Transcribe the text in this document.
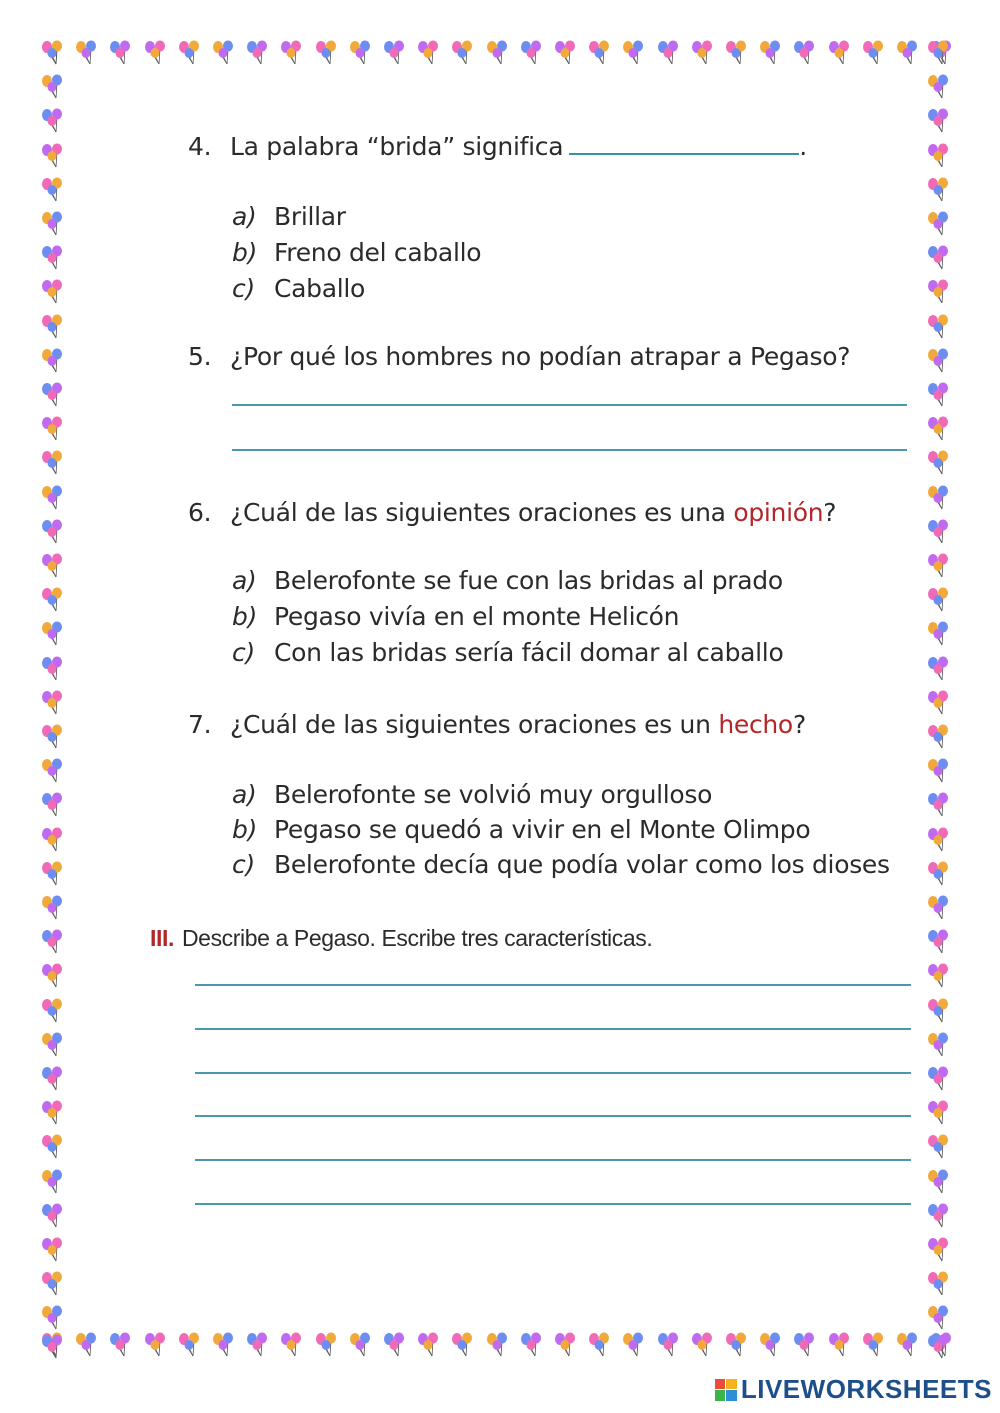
4. La palabra “brida” significa	.
a) Brillar
b) Freno del caballo
c) Caballo
5. ¿Por qué los hombres no podían atrapar a Pegaso?
6. ¿Cuál de las siguientes oraciones es una opinión?
a) Belerofonte se fue con las bridas al prado
b) Pegaso vivía en el monte Helicón
c) Con las bridas sería fácil domar al caballo
7. ¿Cuál de las siguientes oraciones es un hecho?
a) Belerofonte se volvió muy orgulloso
b) Pegaso se quedó a vivir en el Monte Olimpo
c) Belerofonte decía que podía volar como los dioses
III. Describe a Pegaso. Escribe tres características.
LIVEWORKSHEETS
